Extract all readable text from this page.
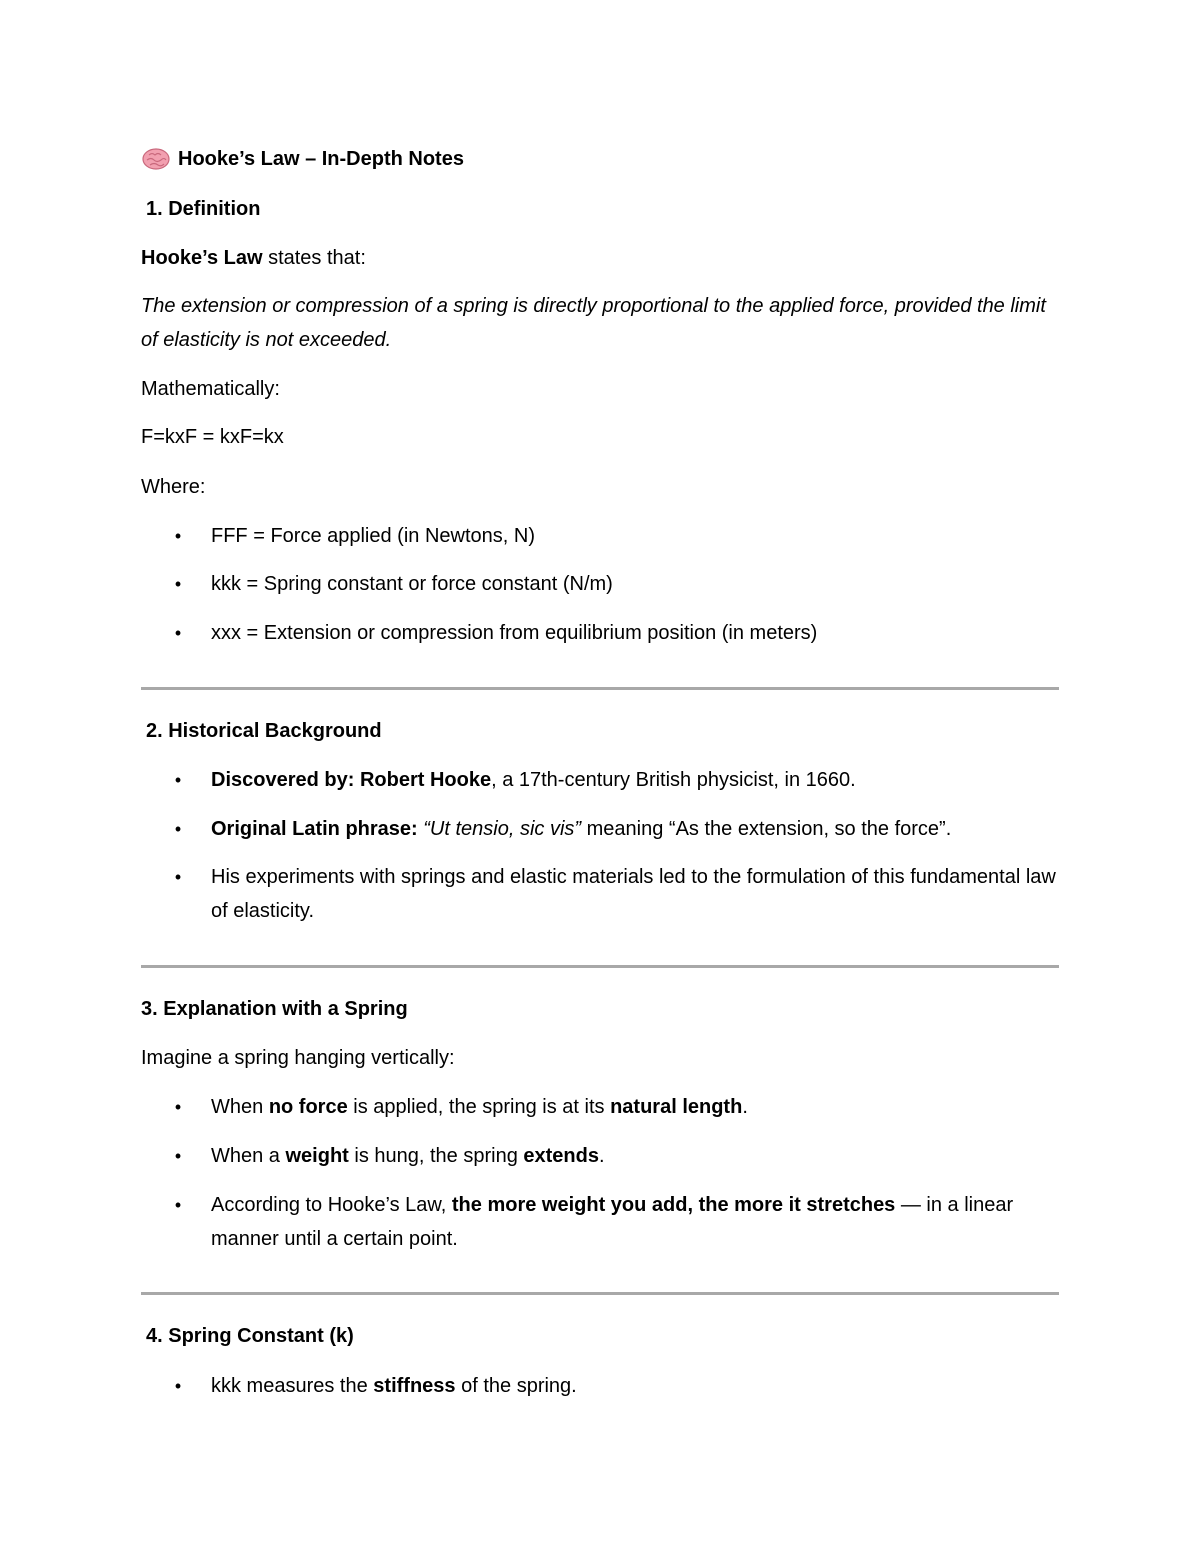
Hooke’s Law – In-Depth Notes
1. Definition
Hooke’s Law states that:
The extension or compression of a spring is directly proportional to the applied force, provided the limit of elasticity is not exceeded.
Mathematically:
F=kxF = kxF=kx
Where:
• FFF = Force applied (in Newtons, N)
• kkk = Spring constant or force constant (N/m)
• xxx = Extension or compression from equilibrium position (in meters)
2. Historical Background
• Discovered by: Robert Hooke, a 17th-century British physicist, in 1660.
• Original Latin phrase: “Ut tensio, sic vis” meaning “As the extension, so the force”.
• His experiments with springs and elastic materials led to the formulation of this fundamental law of elasticity.
3. Explanation with a Spring
Imagine a spring hanging vertically:
• When no force is applied, the spring is at its natural length.
• When a weight is hung, the spring extends.
• According to Hooke’s Law, the more weight you add, the more it stretches — in a linear manner until a certain point.
4. Spring Constant (k)
• kkk measures the stiffness of the spring.
